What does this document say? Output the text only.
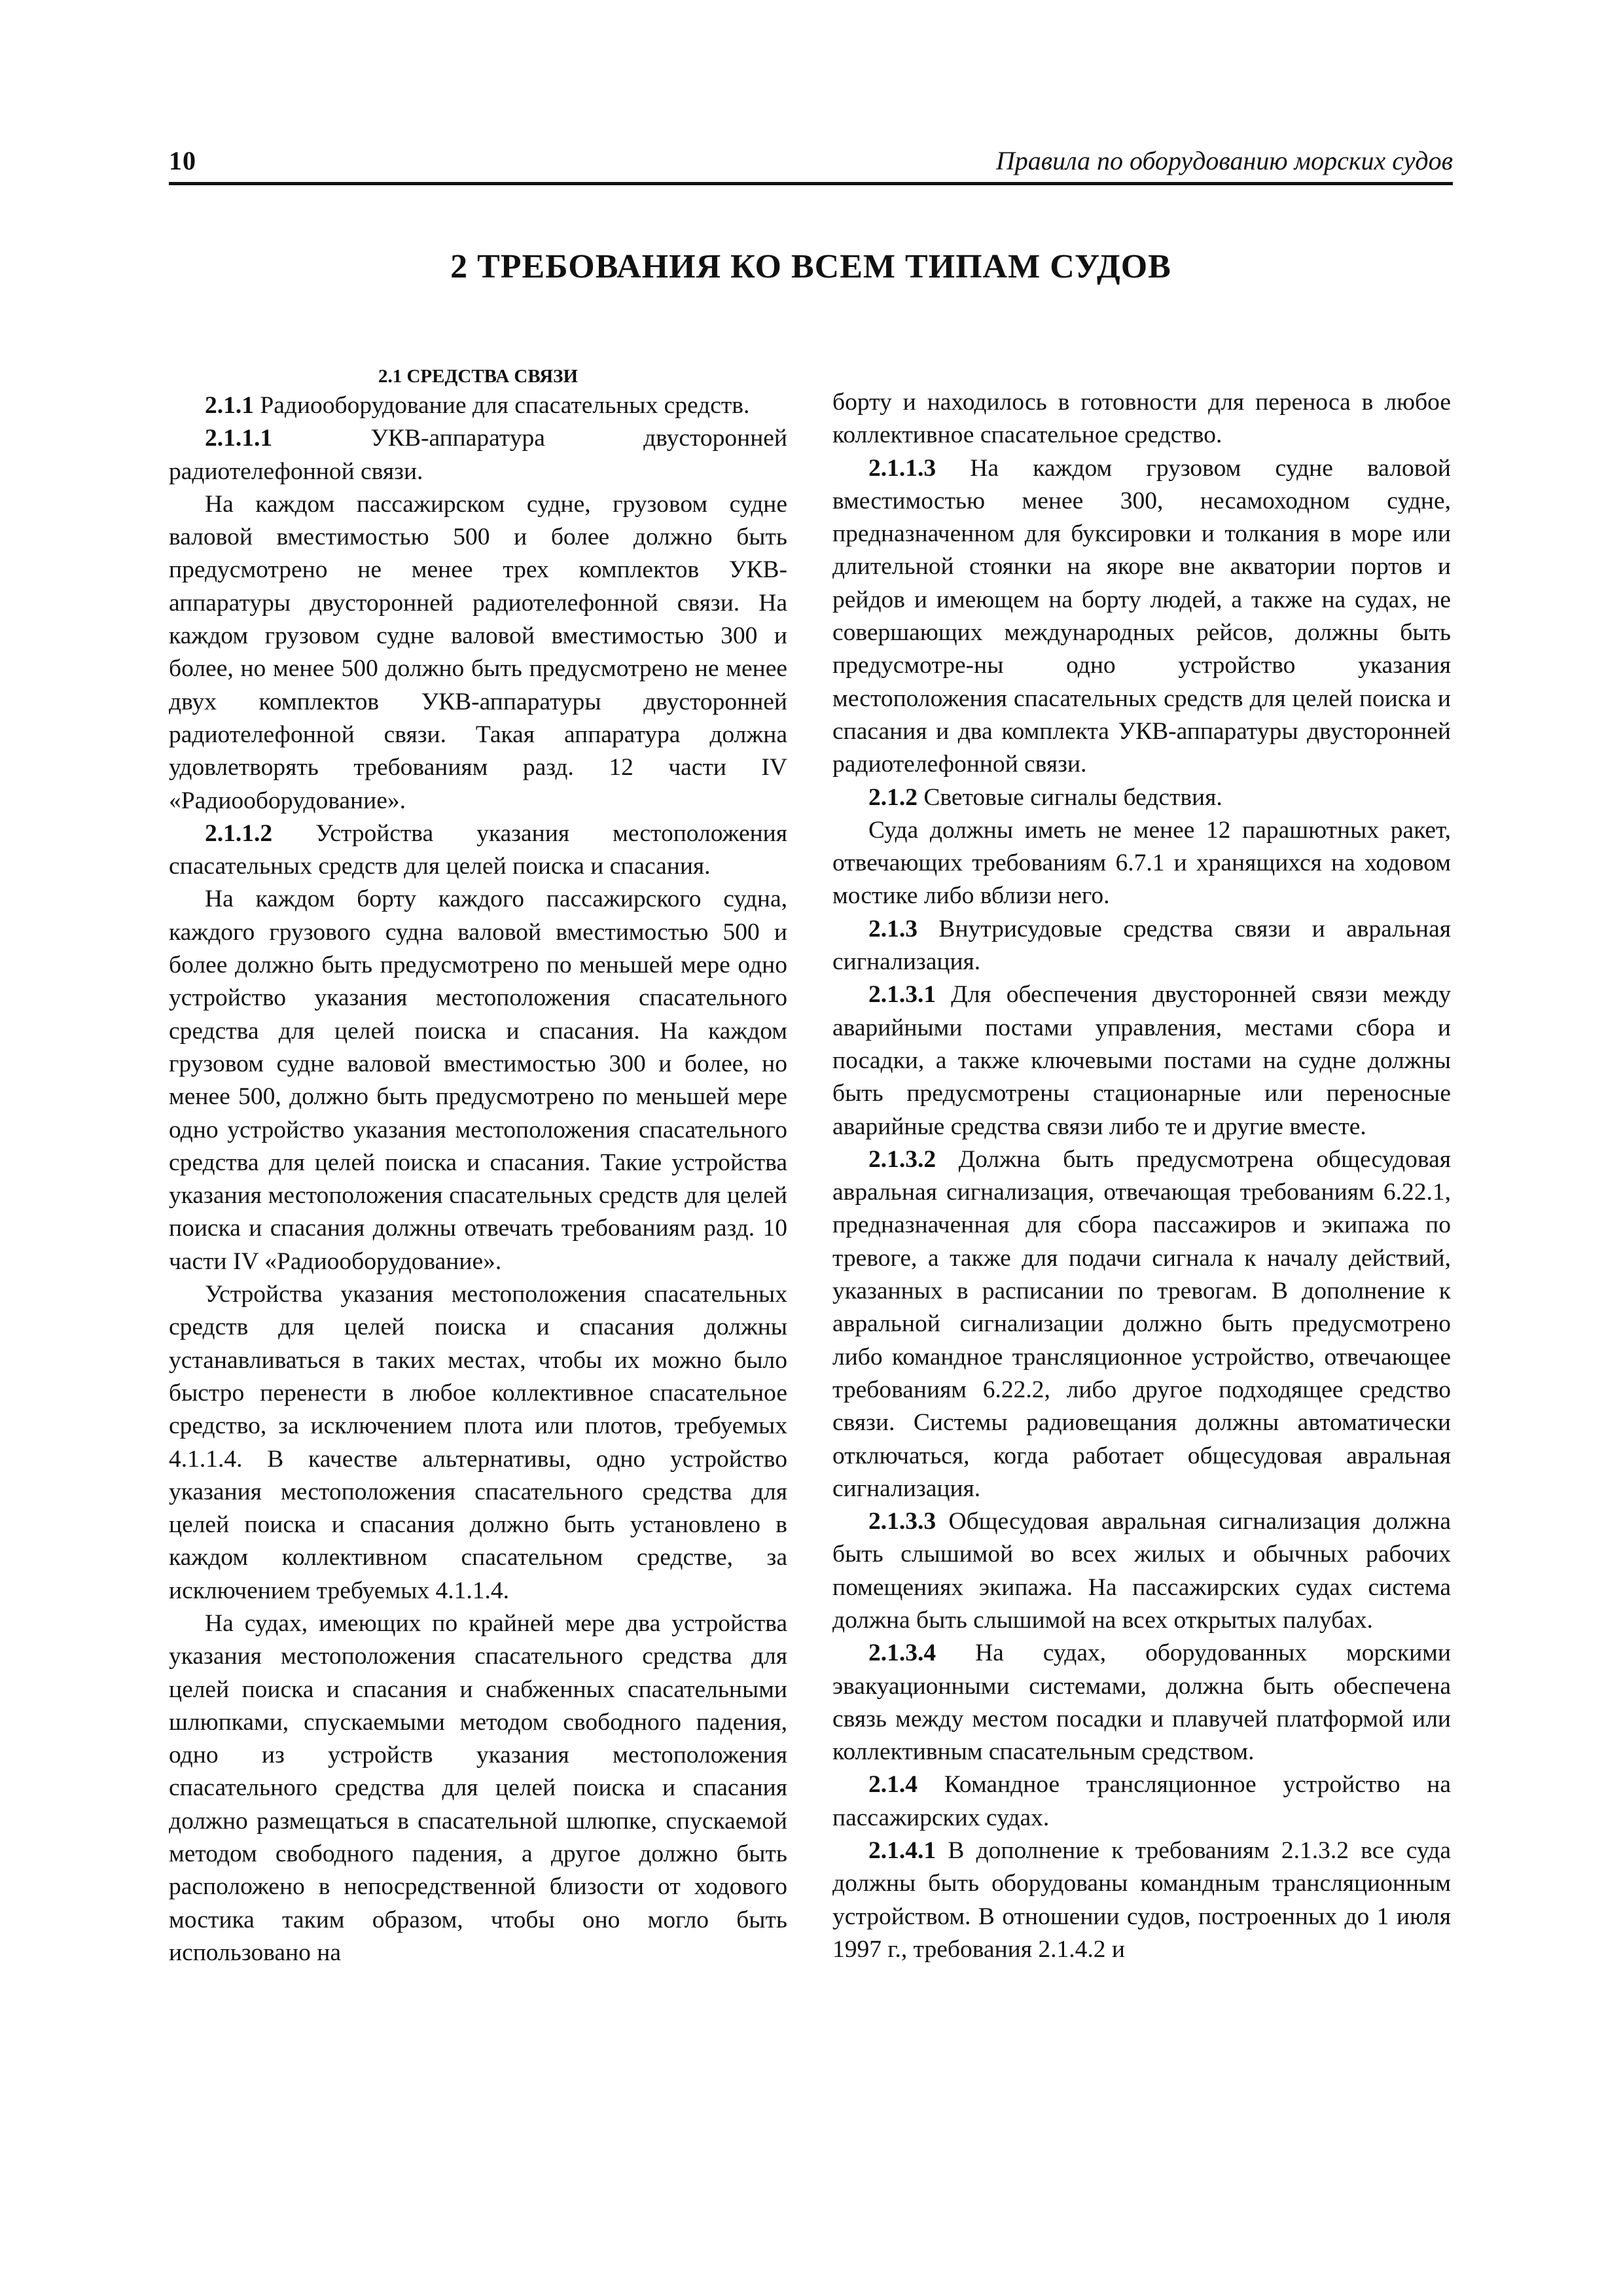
10	Правила по оборудованию морских судов
2 ТРЕБОВАНИЯ КО ВСЕМ ТИПАМ СУДОВ

2.1 СРЕДСТВА СВЯЗИ

2.1.1 Радиооборудование для спасательных средств.

2.1.1.1 УКВ-аппаратура двусторонней радиотелефонной связи.

На каждом пассажирском судне, грузовом судне валовой вместимостью 500 и более должно быть предусмотрено не менее трех комплектов УКВ-аппаратуры двусторонней радиотелефонной связи. На каждом грузовом судне валовой вместимостью 300 и более, но менее 500 должно быть предусмотрено не менее двух комплектов УКВ-аппаратуры двусторонней радиотелефонной связи. Такая аппаратура должна удовлетворять требованиям разд. 12 части IV «Радиооборудование».

2.1.1.2 Устройства указания местоположения спасательных средств для целей поиска и спасания.

На каждом борту каждого пассажирского судна, каждого грузового судна валовой вместимостью 500 и более должно быть предусмотрено по меньшей мере одно устройство указания местоположения спасательного средства для целей поиска и спасания. На каждом грузовом судне валовой вместимостью 300 и более, но менее 500, должно быть предусмотрено по меньшей мере одно устройство указания местоположения спасательного средства для целей поиска и спасания. Такие устройства указания местоположения спасательных средств для целей поиска и спасания должны отвечать требованиям разд. 10 части IV «Радиооборудование».

Устройства указания местоположения спасательных средств для целей поиска и спасания должны устанавливаться в таких местах, чтобы их можно было быстро перенести в любое коллективное спасательное средство, за исключением плота или плотов, требуемых 4.1.1.4. В качестве альтернативы, одно устройство указания местоположения спасательного средства для целей поиска и спасания должно быть установлено в каждом коллективном спасательном средстве, за исключением требуемых 4.1.1.4.

На судах, имеющих по крайней мере два устройства указания местоположения спасательного средства для целей поиска и спасания и снабженных спасательными шлюпками, спускаемыми методом свободного падения, одно из устройств указания местоположения спасательного средства для целей поиска и спасания должно размещаться в спасательной шлюпке, спускаемой методом свободного падения, а другое должно быть расположено в непосредственной близости от ходового мостика таким образом, чтобы оно могло быть использовано на

борту и находилось в готовности для переноса в любое коллективное спасательное средство.

2.1.1.3 На каждом грузовом судне валовой вместимостью менее 300, несамоходном судне, предназначенном для буксировки и толкания в море или длительной стоянки на якоре вне акватории портов и рейдов и имеющем на борту людей, а также на судах, не совершающих международных рейсов, должны быть предусмотре-ны одно устройство указания местоположения спасательных средств для целей поиска и спасания и два комплекта УКВ-аппаратуры двусторонней радиотелефонной связи.

2.1.2 Световые сигналы бедствия.

Суда должны иметь не менее 12 парашютных ракет, отвечающих требованиям 6.7.1 и хранящихся на ходовом мостике либо вблизи него.

2.1.3 Внутрисудовые средства связи и авральная сигнализация.

2.1.3.1 Для обеспечения двусторонней связи между аварийными постами управления, местами сбора и посадки, а также ключевыми постами на судне должны быть предусмотрены стационарные или переносные аварийные средства связи либо те и другие вместе.

2.1.3.2 Должна быть предусмотрена общесудовая авральная сигнализация, отвечающая требованиям 6.22.1, предназначенная для сбора пассажиров и экипажа по тревоге, а также для подачи сигнала к началу действий, указанных в расписании по тревогам. В дополнение к авральной сигнализации должно быть предусмотрено либо командное трансляционное устройство, отвечающее требованиям 6.22.2, либо другое подходящее средство связи. Системы радиовещания должны автоматически отключаться, когда работает общесудовая авральная сигнализация.

2.1.3.3 Общесудовая авральная сигнализация должна быть слышимой во всех жилых и обычных рабочих помещениях экипажа. На пассажирских судах система должна быть слышимой на всех открытых палубах.

2.1.3.4 На судах, оборудованных морскими эвакуационными системами, должна быть обеспечена связь между местом посадки и плавучей платформой или коллективным спасательным средством.

2.1.4 Командное трансляционное устройство на пассажирских судах.

2.1.4.1 В дополнение к требованиям 2.1.3.2 все суда должны быть оборудованы командным трансляционным устройством. В отношении судов, построенных до 1 июля 1997 г., требования 2.1.4.2 и
